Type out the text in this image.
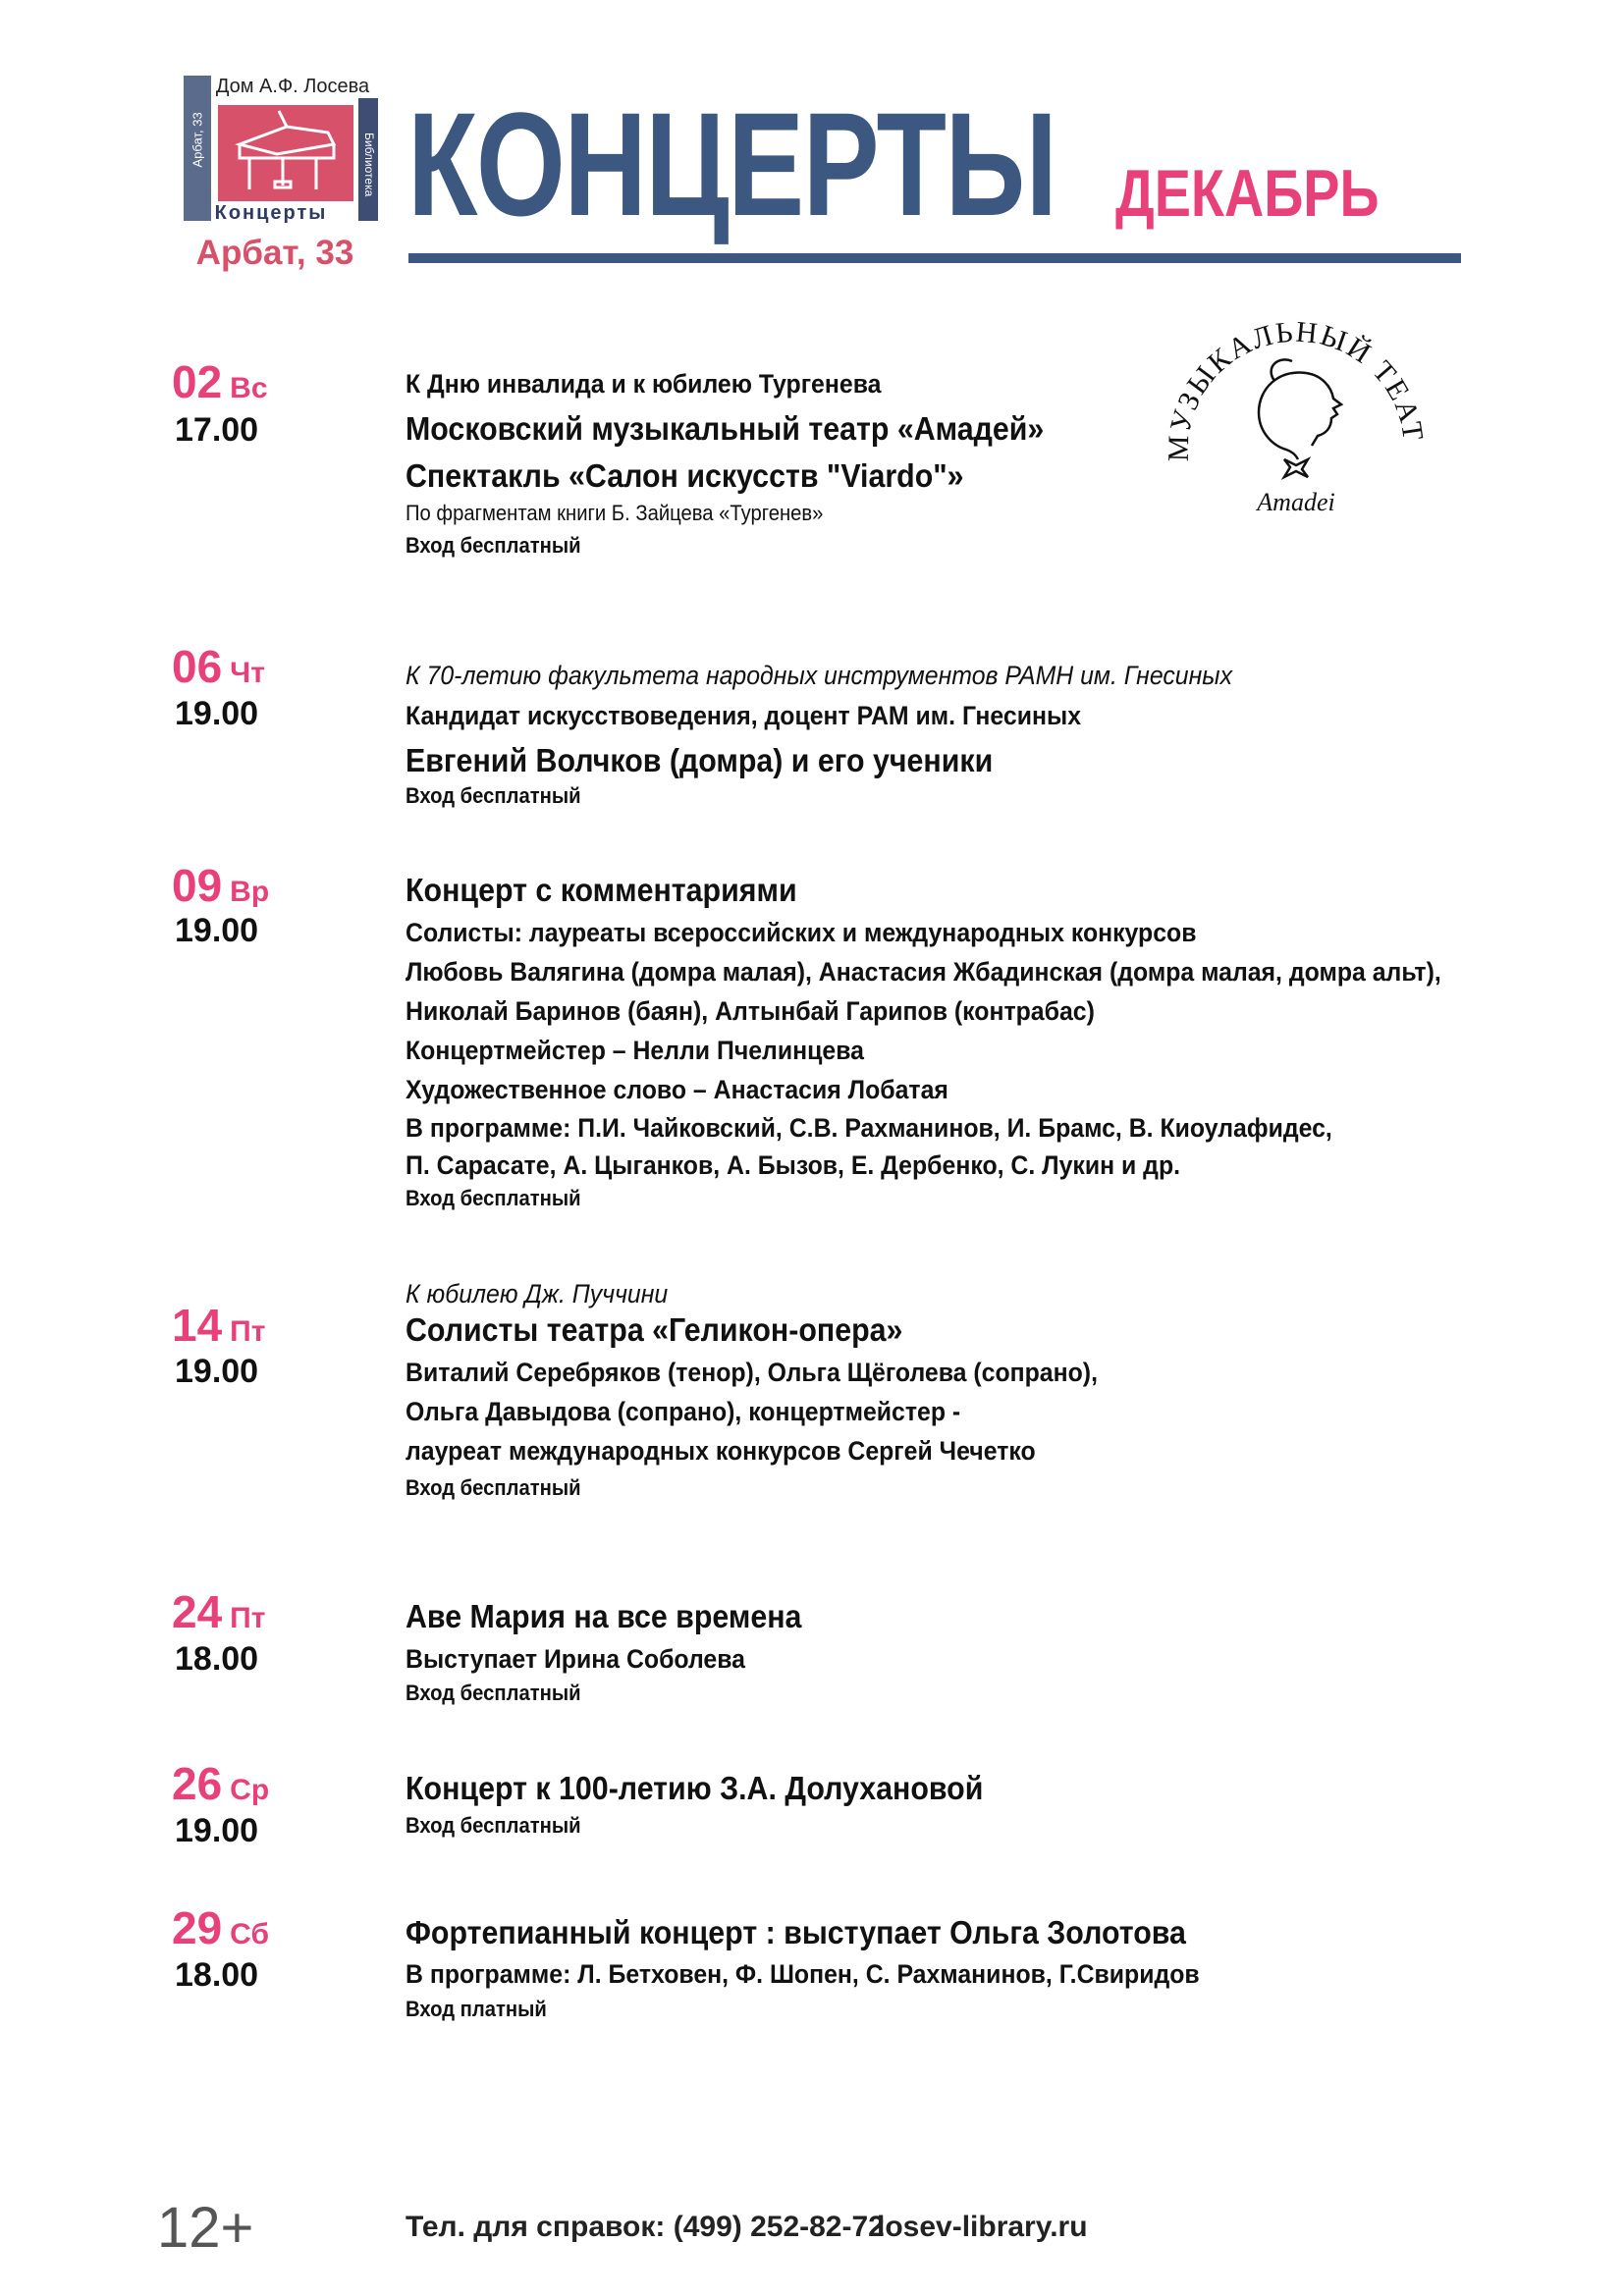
Дом А.Ф. Лосева
Арбат, 33	Библиотека
Концерты
Арбат, 33
КОНЦЕРТЫ ДЕКАБРЬ
02 Вс
17.00
К Дню инвалида и к юбилею Тургенева
Московский музыкальный театр «Амадей»
Спектакль «Салон искусств "Viardo"»
По фрагментам книги Б. Зайцева «Тургенев»
Вход бесплатный
06 Чт
19.00
К 70-летию факультета народных инструментов РАМН им. Гнесиных
Кандидат искусствоведения, доцент РАМ им. Гнесиных
Евгений Волчков (домра) и его ученики
Вход бесплатный
09 Вр
19.00
Концерт с комментариями
Солисты: лауреаты всероссийских и международных конкурсов
Любовь Валягина (домра малая), Анастасия Жбадинская (домра малая, домра альт),
Николай Баринов (баян), Алтынбай Гарипов (контрабас)
Концертмейстер – Нелли Пчелинцева
Художественное слово – Анастасия Лобатая
В программе: П.И. Чайковский, С.В. Рахманинов, И. Брамс, В. Киоулафидес,
П. Сарасате, А. Цыганков, А. Бызов, Е. Дербенко, С. Лукин и др.
Вход бесплатный
14 Пт
19.00
К юбилею Дж. Пуччини
Солисты театра «Геликон-опера»
Виталий Серебряков (тенор), Ольга Щёголева (сопрано),
Ольга Давыдова (сопрано), концертмейстер -
лауреат международных конкурсов Сергей Чечетко
Вход бесплатный
24 Пт
18.00
Аве Мария на все времена
Выступает Ирина Соболева
Вход бесплатный
26 Ср
19.00
Концерт к 100-летию З.А. Долухановой
Вход бесплатный
29 Сб
18.00
Фортепианный концерт : выступает Ольга Золотова
В программе: Л. Бетховен, Ф. Шопен, С. Рахманинов, Г.Свиридов
Вход платный
МУЗЫКАЛЬНЫЙ ТЕАТ
Amadei
12+	Тел. для справок: (499) 252-82-72
losev-library.ru
